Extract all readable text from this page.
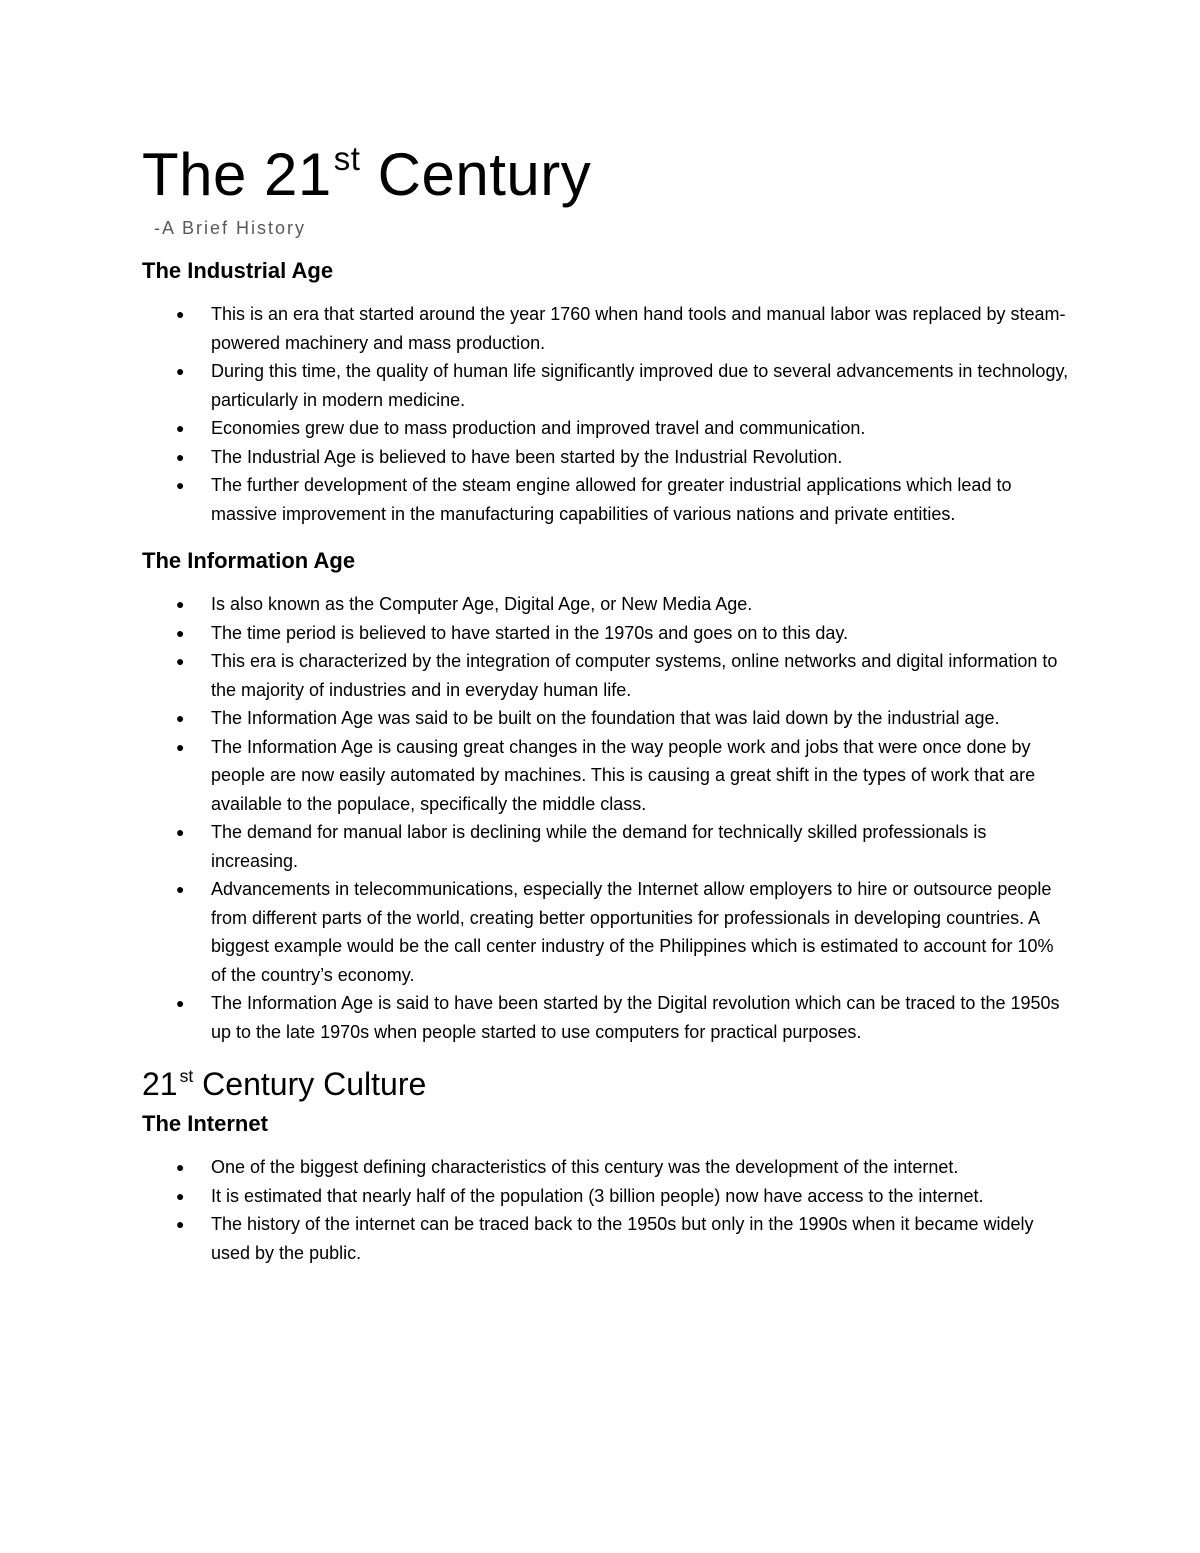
The 21st Century
-A Brief History
The Industrial Age
● This is an era that started around the year 1760 when hand tools and manual labor was replaced by steam-powered machinery and mass production.
● During this time, the quality of human life significantly improved due to several advancements in technology, particularly in modern medicine.
● Economies grew due to mass production and improved travel and communication.
● The Industrial Age is believed to have been started by the Industrial Revolution.
● The further development of the steam engine allowed for greater industrial applications which lead to massive improvement in the manufacturing capabilities of various nations and private entities.
The Information Age
● Is also known as the Computer Age, Digital Age, or New Media Age.
● The time period is believed to have started in the 1970s and goes on to this day.
● This era is characterized by the integration of computer systems, online networks and digital information to the majority of industries and in everyday human life.
● The Information Age was said to be built on the foundation that was laid down by the industrial age.
● The Information Age is causing great changes in the way people work and jobs that were once done by people are now easily automated by machines. This is causing a great shift in the types of work that are available to the populace, specifically the middle class.
● The demand for manual labor is declining while the demand for technically skilled professionals is increasing.
● Advancements in telecommunications, especially the Internet allow employers to hire or outsource people from different parts of the world, creating better opportunities for professionals in developing countries. A biggest example would be the call center industry of the Philippines which is estimated to account for 10% of the country’s economy.
● The Information Age is said to have been started by the Digital revolution which can be traced to the 1950s up to the late 1970s when people started to use computers for practical purposes.
21 $^{st}$ Century Culture
The Internet
● One of the biggest defining characteristics of this century was the development of the internet.
● It is estimated that nearly half of the population (3 billion people) now have access to the internet.
● The history of the internet can be traced back to the 1950s but only in the 1990s when it became widely used by the public.
